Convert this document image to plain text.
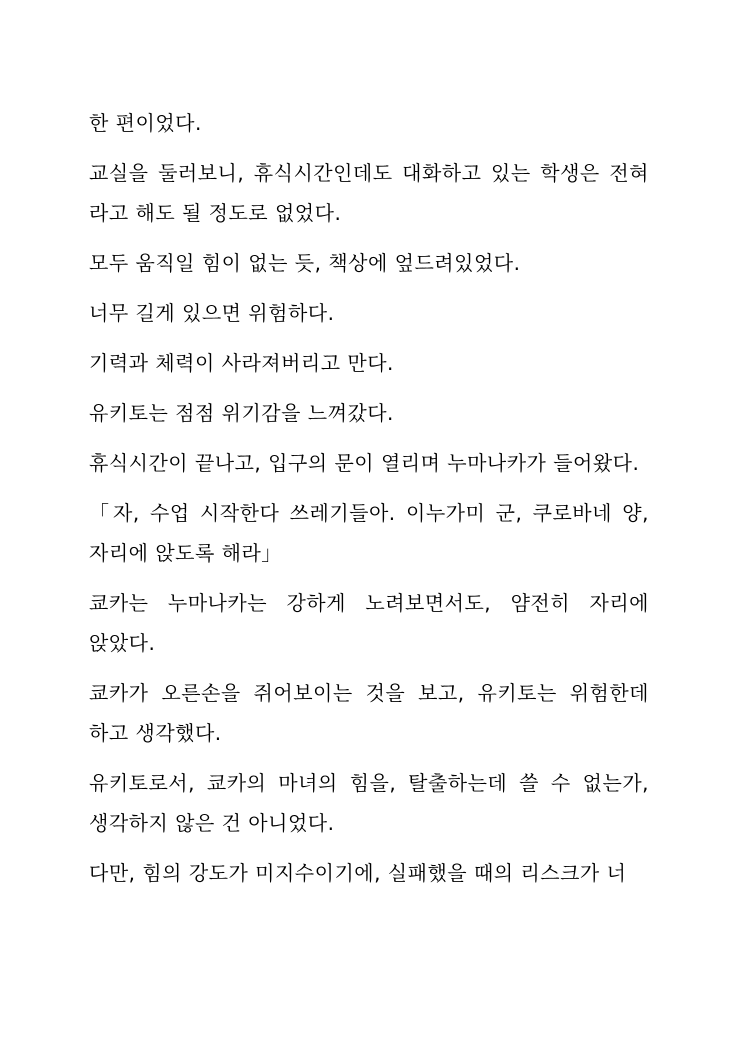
한 편이었다.

교실을 둘러보니, 휴식시간인데도 대화하고 있는 학생은 전혀 라고 해도 될 정도로 없었다.

모두 움직일 힘이 없는 듯, 책상에 엎드려있었다.

너무 길게 있으면 위험하다.

기력과 체력이 사라져버리고 만다.

유키토는 점점 위기감을 느껴갔다.

휴식시간이 끝나고, 입구의 문이 열리며 누마나카가 들어왔다.

「자, 수업 시작한다 쓰레기들아. 이누가미 군, 쿠로바네 양, 자리에 앉도록 해라」

쿄카는 누마나카는 강하게 노려보면서도, 얌전히 자리에 앉았다.

쿄카가 오른손을 쥐어보이는 것을 보고, 유키토는 위험한데 하고 생각했다.

유키토로서, 쿄카의 마녀의 힘을, 탈출하는데 쓸 수 없는가, 생각하지 않은 건 아니었다.

다만, 힘의 강도가 미지수이기에, 실패했을 때의 리스크가 너
